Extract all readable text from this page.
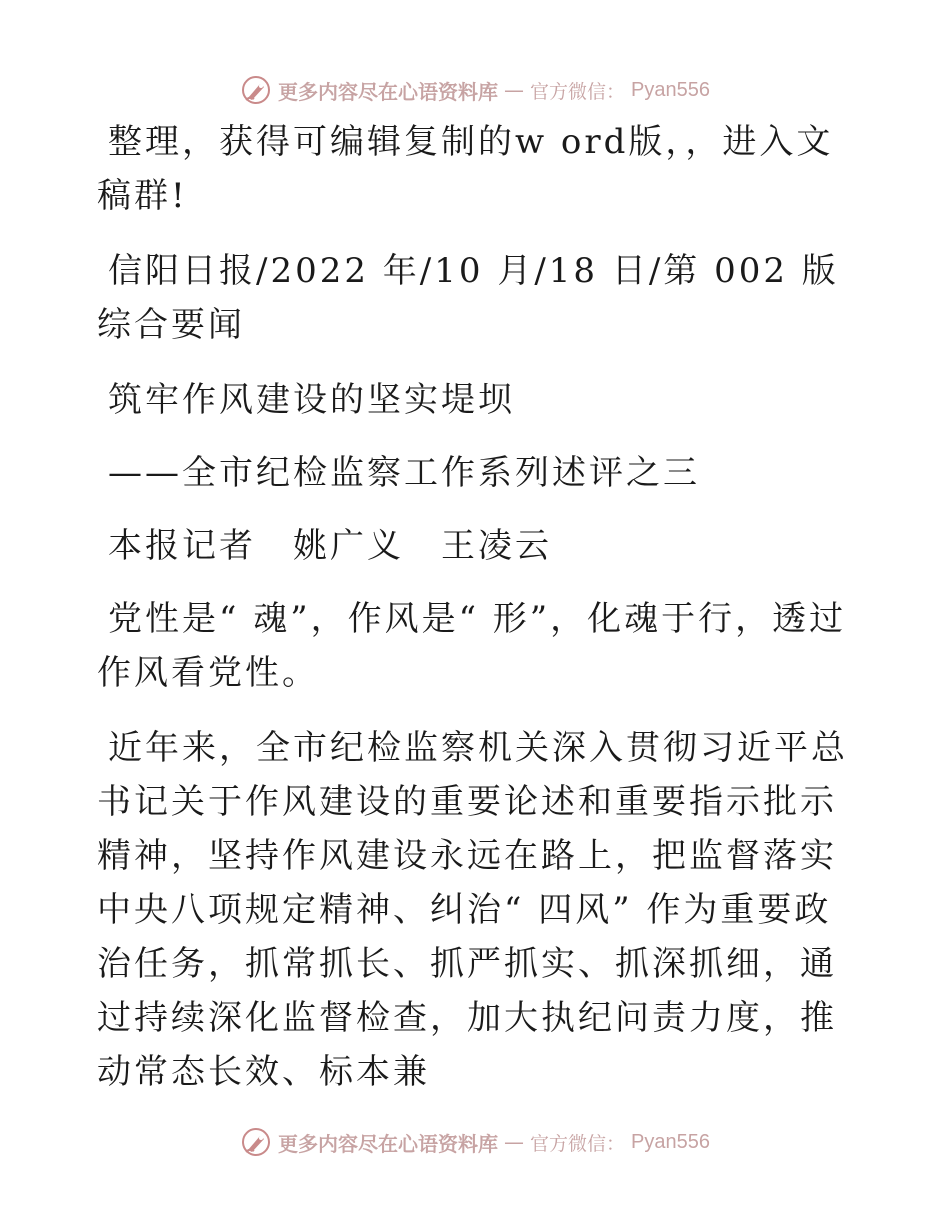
更多内容尽在心语资料库 — 官方微信： Pyan556

整理，获得可编辑复制的w ord版，，进入文稿群!

信阳日报/2022 年/10 月/18 日/第 002 版综合要闻

筑牢作风建设的坚实堤坝

——全市纪检监察工作系列述评之三

本报记者　姚广义　王凌云

党性是“ 魂”，作风是“ 形”，化魂于行，透过作风看党性。

近年来，全市纪检监察机关深入贯彻习近平总书记关于作风建设的重要论述和重要指示批示精神，坚持作风建设永远在路上，把监督落实中央八项规定精神、纠治“ 四风” 作为重要政治任务，抓常抓长、抓严抓实、抓深抓细，通过持续深化监督检查，加大执纪问责力度，推动常态长效、标本兼

更多内容尽在心语资料库 — 官方微信： Pyan556
